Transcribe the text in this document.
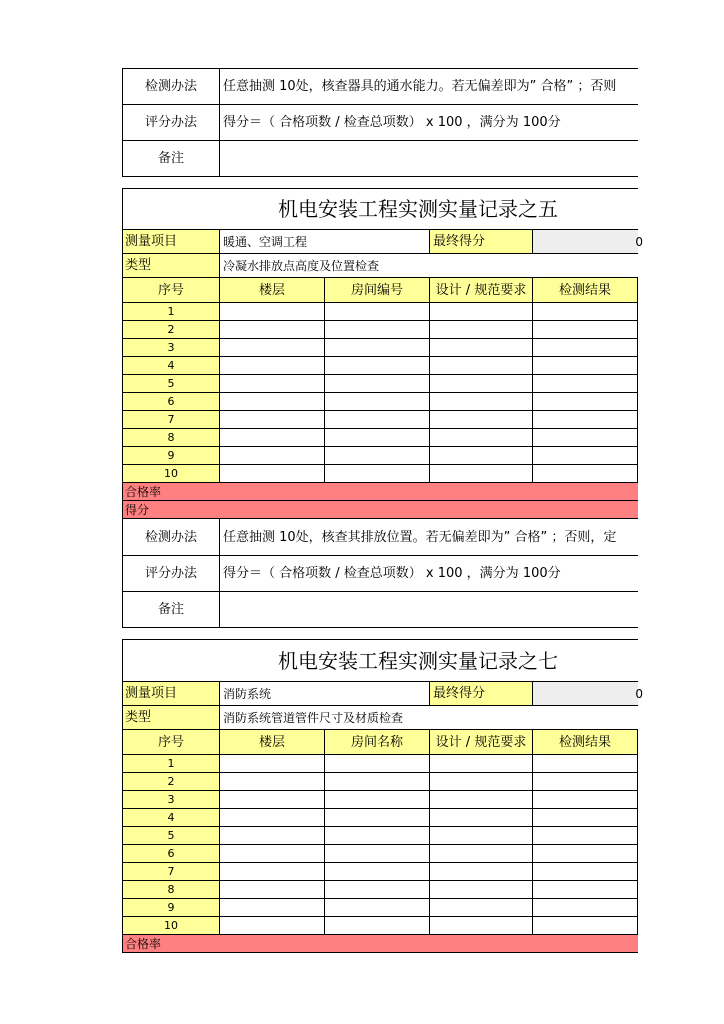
检测办法	任意抽测 10处，核查器具的通水能力。若无偏差即为” 合格” ；否则
评分办法	得分＝（ 合格项数 / 检查总项数） x 100 ，满分为 100分
备注
机电安装工程实测实量记录之五
测量项目	暖通、空调工程	最终得分	0
类型	冷凝水排放点高度及位置检查
序号	楼层	房间编号	设计 / 规范要求	检测结果
1
2
3
4
5
6
7
8
9
10
合格率
得分
检测办法	任意抽测 10处，核查其排放位置。若无偏差即为” 合格” ；否则，定
评分办法	得分＝（ 合格项数 / 检查总项数） x 100 ，满分为 100分
备注
机电安装工程实测实量记录之七
测量项目	消防系统	最终得分	0
类型	消防系统管道管件尺寸及材质检查
序号	楼层	房间名称	设计 / 规范要求	检测结果
1
2
3
4
5
6
7
8
9
10
合格率
